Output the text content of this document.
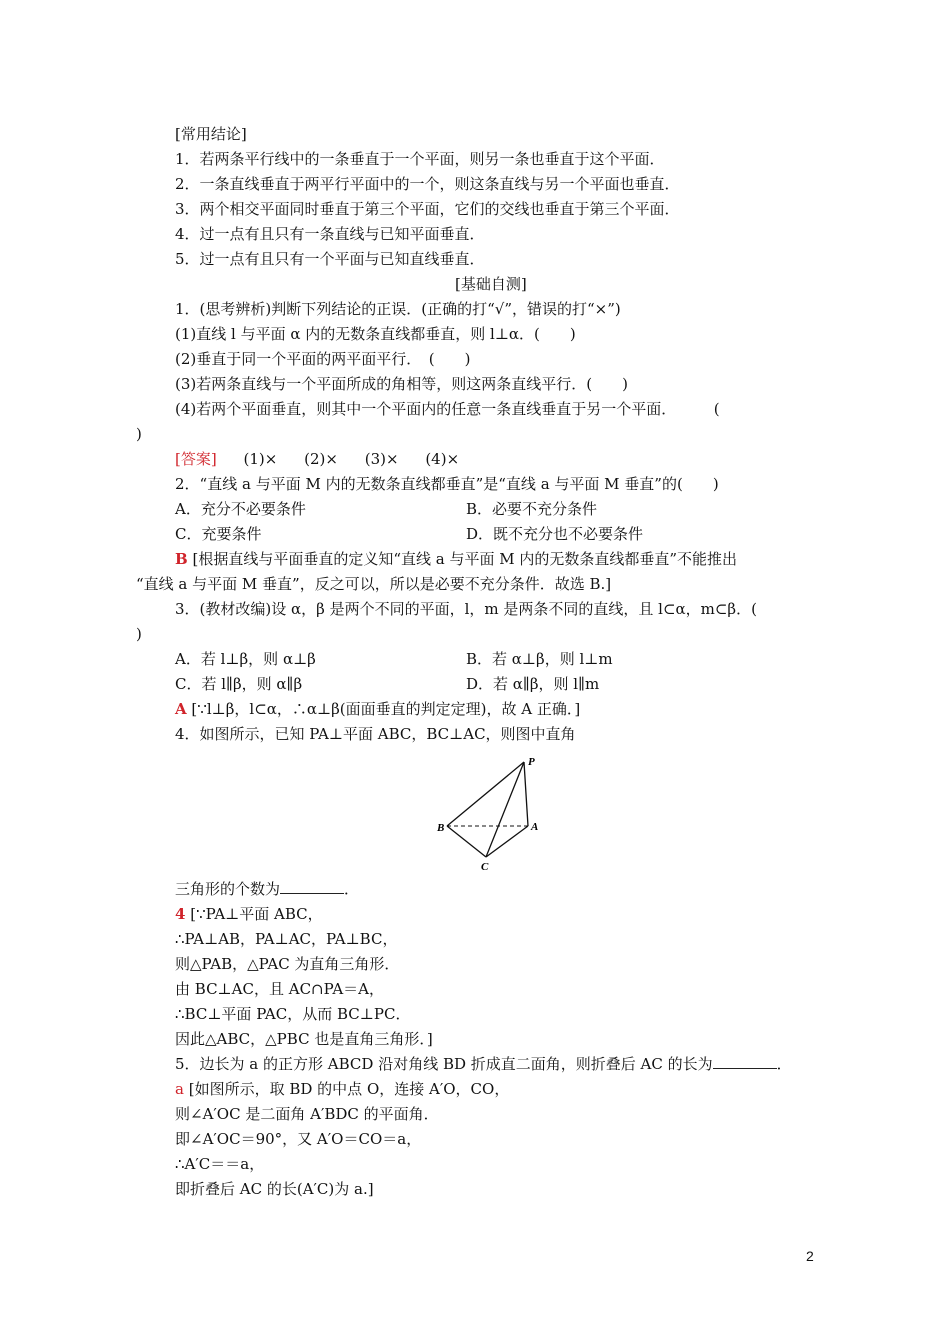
[常用结论]
1．若两条平行线中的一条垂直于一个平面，则另一条也垂直于这个平面．
2．一条直线垂直于两平行平面中的一个，则这条直线与另一个平面也垂直．
3．两个相交平面同时垂直于第三个平面，它们的交线也垂直于第三个平面．
4．过一点有且只有一条直线与已知平面垂直．
5．过一点有且只有一个平面与已知直线垂直．
[基础自测]
1．(思考辨析)判断下列结论的正误．(正确的打“√”，错误的打“×”)
(1)直线 l 与平面 α 内的无数条直线都垂直，则 l⊥α．(　　)
(2)垂直于同一个平面的两平面平行．　(　　)
(3)若两条直线与一个平面所成的角相等，则这两条直线平行．(　　)
(4)若两个平面垂直，则其中一个平面内的任意一条直线垂直于另一个平面．　　　(
)
[答案] (1)× (2)× (3)× (4)×
2．“直线 a 与平面 M 内的无数条直线都垂直”是“直线 a 与平面 M 垂直”的(　　)
A．充分不必要条件	B．必要不充分条件
C．充要条件	D．既不充分也不必要条件
B [根据直线与平面垂直的定义知“直线 a 与平面 M 内的无数条直线都垂直”不能推出
“直线 a 与平面 M 垂直”，反之可以，所以是必要不充分条件．故选 B.]
3．(教材改编)设 α，β 是两个不同的平面，l，m 是两条不同的直线，且 l⊂α，m⊂β．(
)
A．若 l⊥β，则 α⊥β	B．若 α⊥β，则 l⊥m
C．若 l∥β，则 α∥β	D．若 α∥β，则 l∥m
A [∵l⊥β，l⊂α，∴α⊥β(面面垂直的判定定理)，故 A 正确．]
4．如图所示，已知 PA⊥平面 ABC，BC⊥AC，则图中直角
P
A
B
C
三角形的个数为	．
4 [∵PA⊥平面 ABC，
∴PA⊥AB，PA⊥AC，PA⊥BC，
则△PAB，△PAC 为直角三角形．
由 BC⊥AC，且 AC∩PA＝A，
∴BC⊥平面 PAC，从而 BC⊥PC．
因此△ABC，△PBC 也是直角三角形．]
5．边长为 a 的正方形 ABCD 沿对角线 BD 折成直二面角，则折叠后 AC 的长为	．
a [如图所示，取 BD 的中点 O，连接 A′O，CO，
则∠A′OC 是二面角 A′BDC 的平面角．
即∠A′OC＝90°，又 A′O＝CO＝a，
∴A′C＝＝a，
即折叠后 AC 的长(A′C)为 a.]
2
